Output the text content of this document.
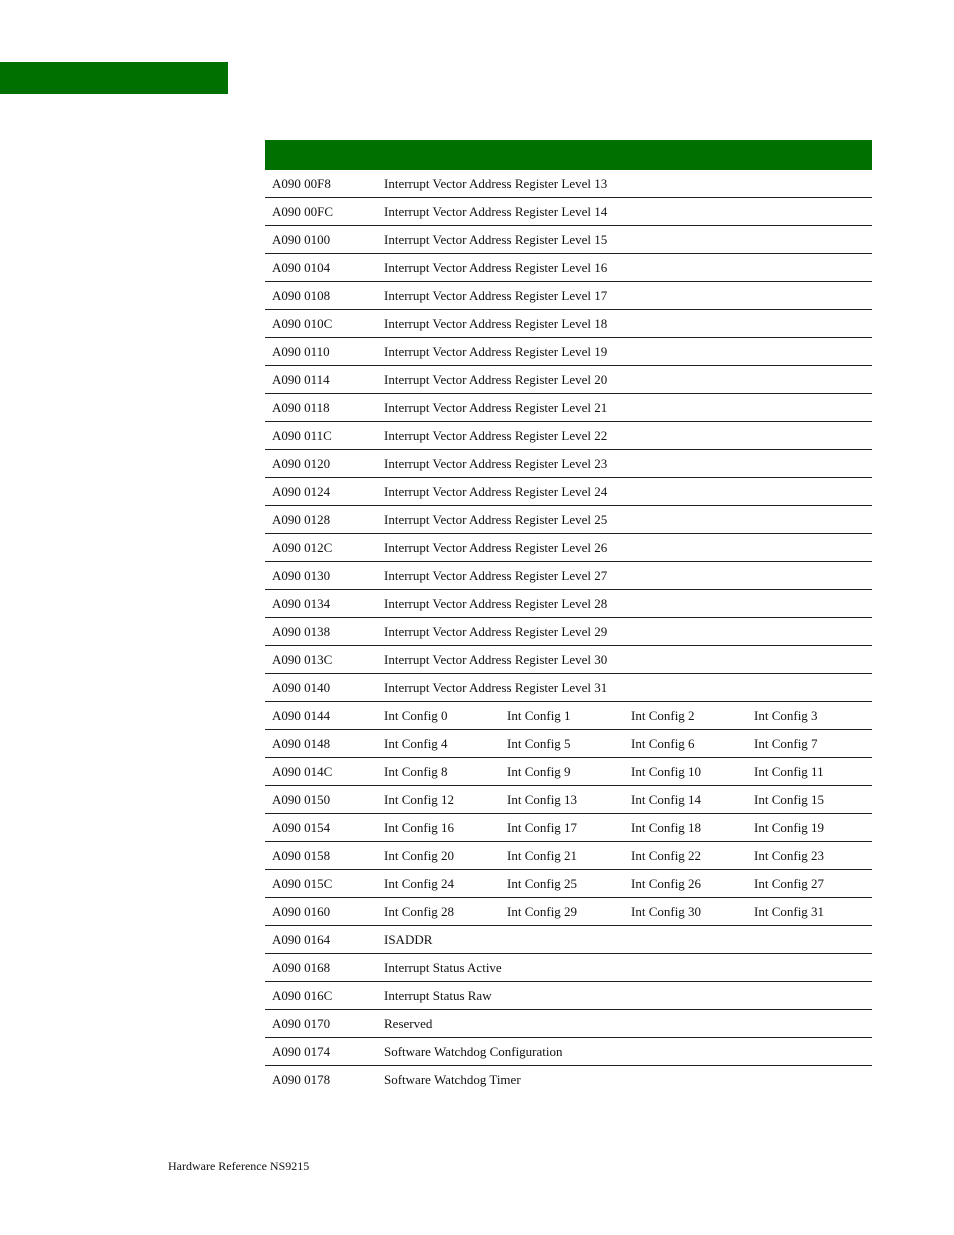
A090 00F8	Interrupt Vector Address Register Level 13
A090 00FC	Interrupt Vector Address Register Level 14
A090 0100	Interrupt Vector Address Register Level 15
A090 0104	Interrupt Vector Address Register Level 16
A090 0108	Interrupt Vector Address Register Level 17
A090 010C	Interrupt Vector Address Register Level 18
A090 0110	Interrupt Vector Address Register Level 19
A090 0114	Interrupt Vector Address Register Level 20
A090 0118	Interrupt Vector Address Register Level 21
A090 011C	Interrupt Vector Address Register Level 22
A090 0120	Interrupt Vector Address Register Level 23
A090 0124	Interrupt Vector Address Register Level 24
A090 0128	Interrupt Vector Address Register Level 25
A090 012C	Interrupt Vector Address Register Level 26
A090 0130	Interrupt Vector Address Register Level 27
A090 0134	Interrupt Vector Address Register Level 28
A090 0138	Interrupt Vector Address Register Level 29
A090 013C	Interrupt Vector Address Register Level 30
A090 0140	Interrupt Vector Address Register Level 31
A090 0144	Int Config 0	Int Config 1	Int Config 2	Int Config 3
A090 0148	Int Config 4	Int Config 5	Int Config 6	Int Config 7
A090 014C	Int Config 8	Int Config 9	Int Config 10	Int Config 11
A090 0150	Int Config 12	Int Config 13	Int Config 14	Int Config 15
A090 0154	Int Config 16	Int Config 17	Int Config 18	Int Config 19
A090 0158	Int Config 20	Int Config 21	Int Config 22	Int Config 23
A090 015C	Int Config 24	Int Config 25	Int Config 26	Int Config 27
A090 0160	Int Config 28	Int Config 29	Int Config 30	Int Config 31
A090 0164	ISADDR
A090 0168	Interrupt Status Active
A090 016C	Interrupt Status Raw
A090 0170	Reserved
A090 0174	Software Watchdog Configuration
A090 0178	Software Watchdog Timer
Hardware Reference NS9215
